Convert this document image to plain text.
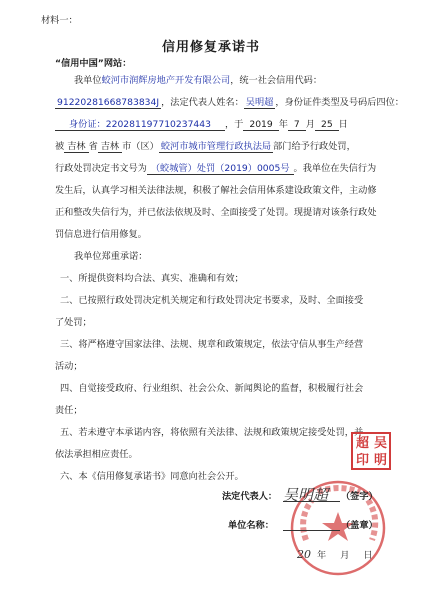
材料一：
信用修复承诺书
“信用中国”网站：
我单位蛟河市润辉房地产开发有限公司，统一社会信用代码：
9122028166878383​4J ，法定代表人姓名： 吴明超 ，身份证件类型及号码后四位：
身份证：220281197710237443 ，于 2019 年 7 月 25 日
被 吉林 省 吉林 市（区） 蛟河市城市管理行政执法局 部门给予行政处罚，
行政处罚决定书文号为 （蛟城管）处罚（2019）0005号 。我单位在失信行为
发生后，认真学习相关法律法规，积极了解社会信用体系建设政策文件，主动修
正和整改失信行为，并已依法依规及时、全面接受了处罚。现提请对该条行政处
罚信息进行信用修复。
我单位郑重承诺：
一、所提供资料均合法、真实、准确和有效；
二、已按照行政处罚决定机关规定和行政处罚决定书要求，及时、全面接受
了处罚；
三、将严格遵守国家法律、法规、规章和政策规定，依法守信从事生产经营
活动；
四、自觉接受政府、行业组织、社会公众、新闻舆论的监督，积极履行社会
责任；
五、若未遵守本承诺内容，将依照有关法律、法规和政策规定接受处罚，并
依法承担相应责任。
六、本《信用修复承诺书》同意向社会公开。
超 吴
印 明
法定代表人： 吴明超 （签字）
单位名称：	（盖章）
20 年 月 日
